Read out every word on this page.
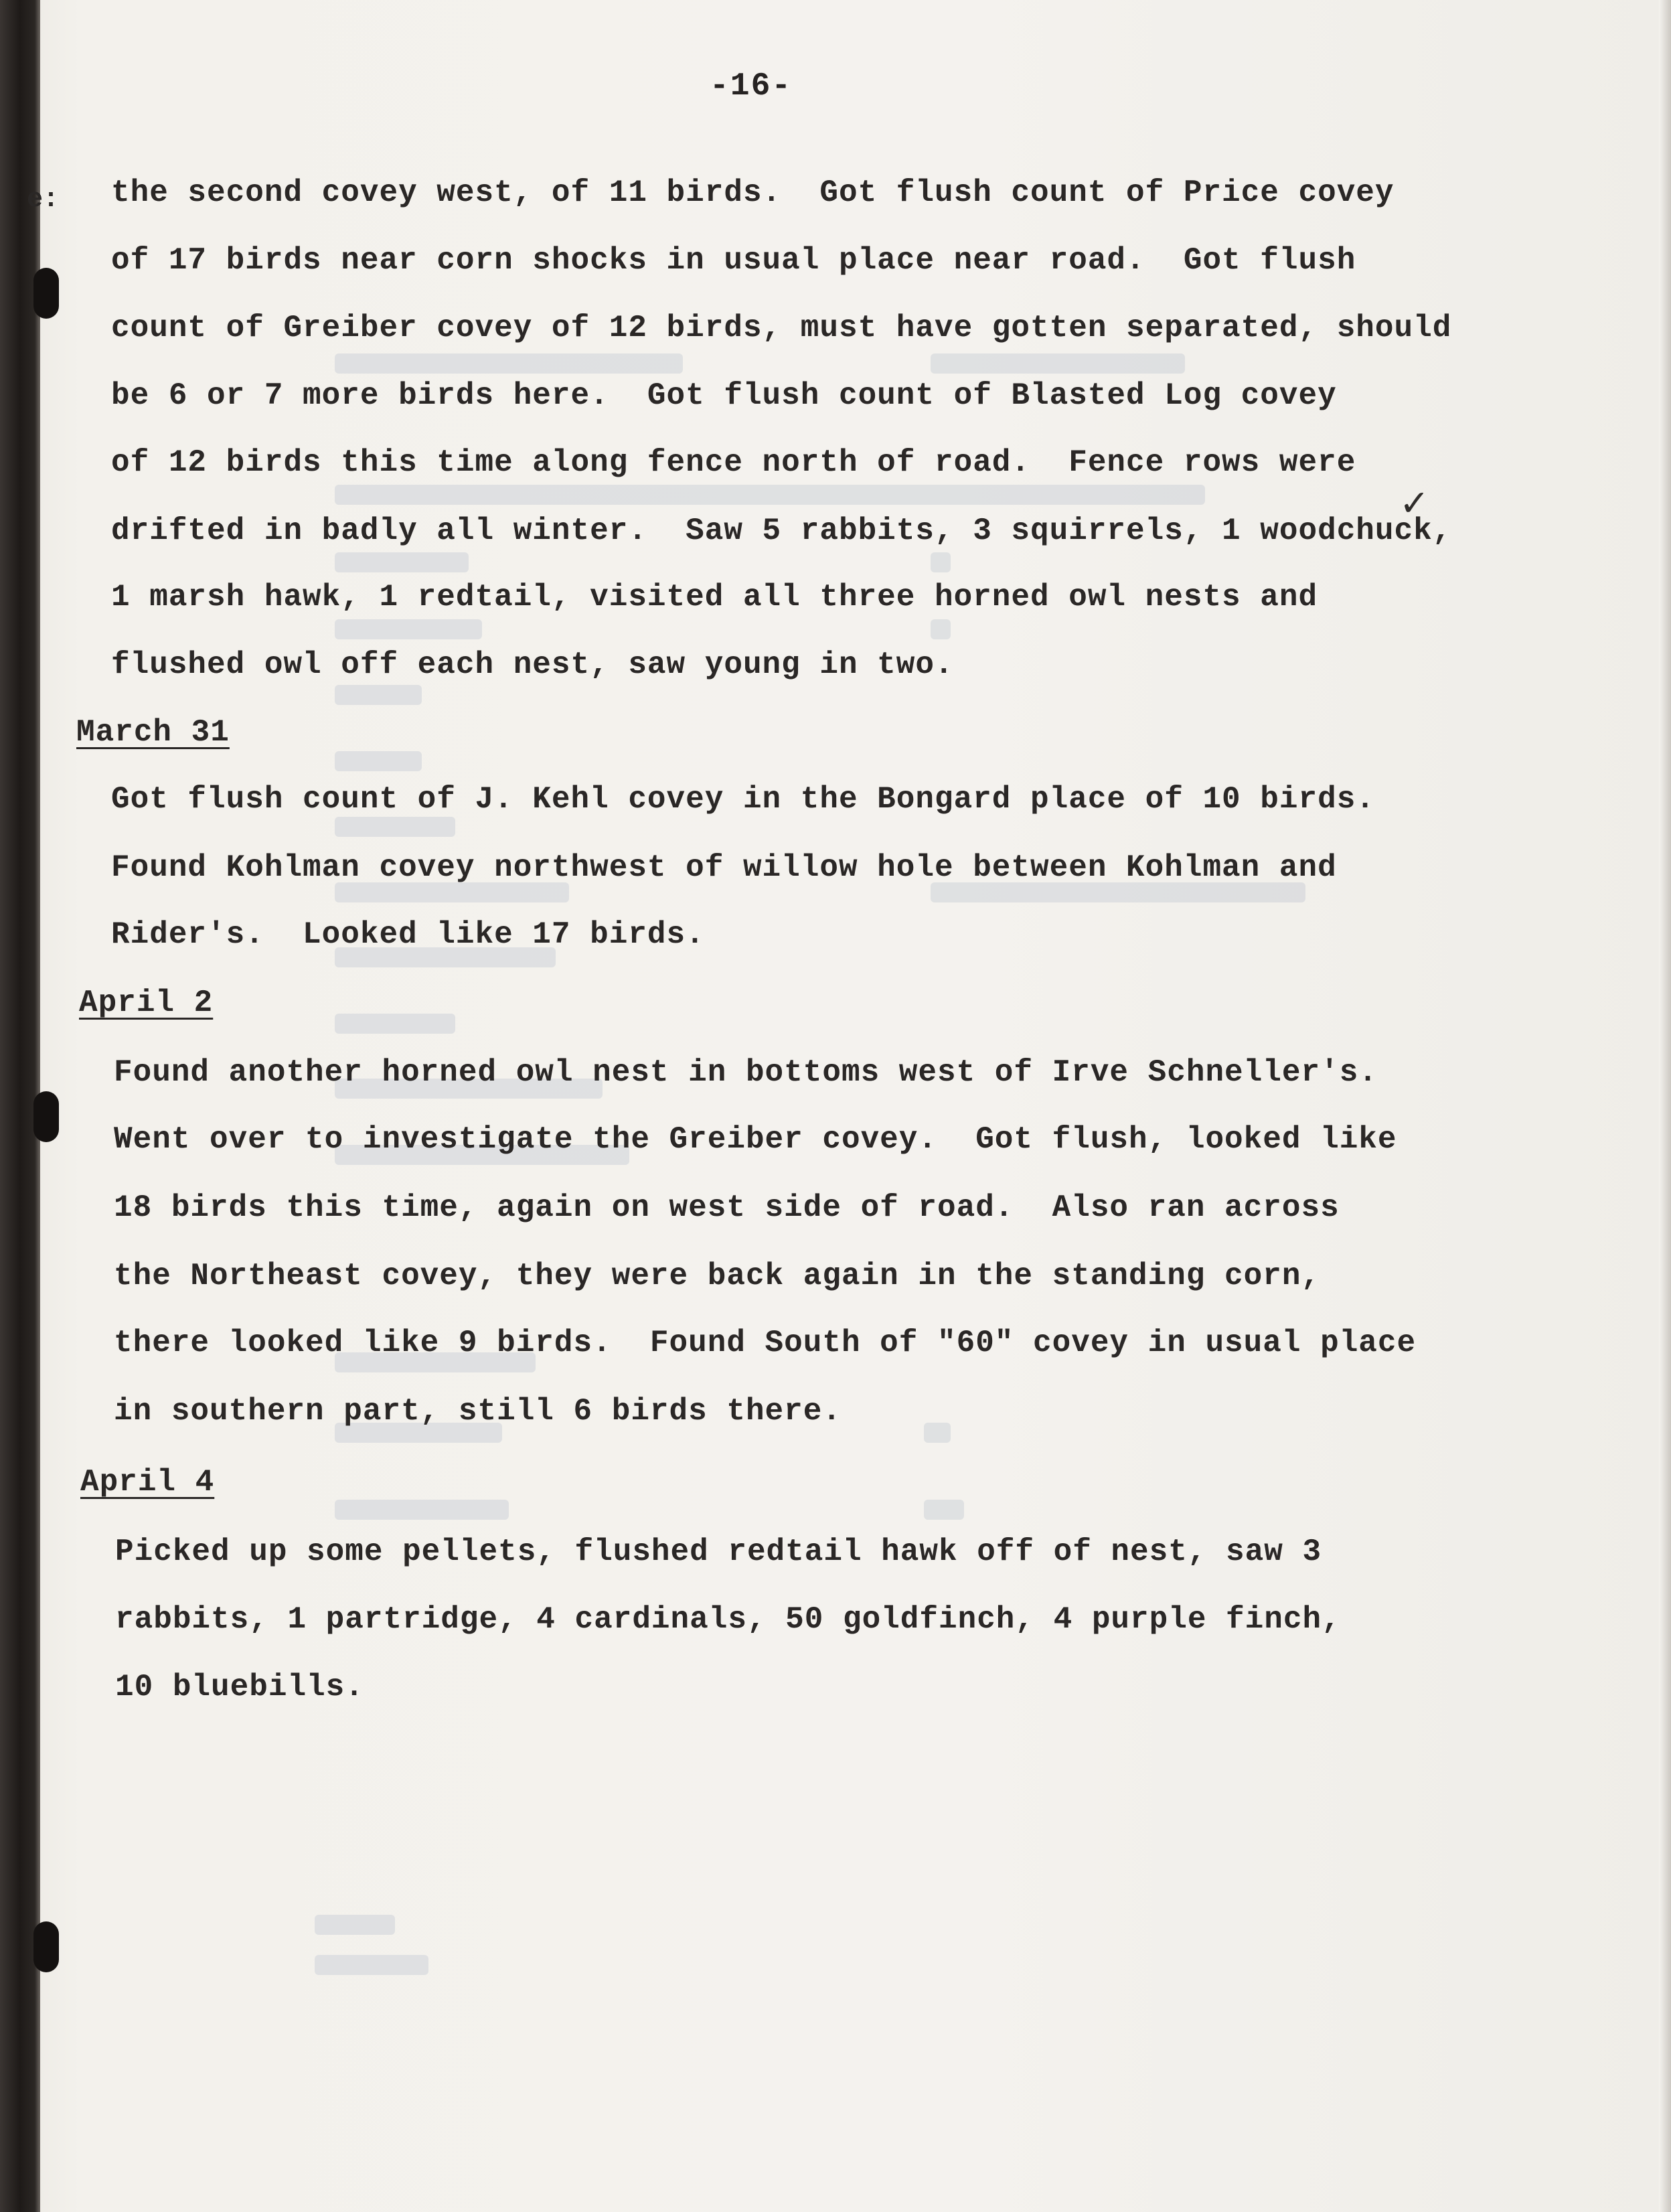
e:
-16-
the second covey west, of 11 birds.  Got flush count of Price covey
of 17 birds near corn shocks in usual place near road.  Got flush
count of Greiber covey of 12 birds, must have gotten separated, should
be 6 or 7 more birds here.  Got flush count of Blasted Log covey
of 12 birds this time along fence north of road.  Fence rows were
drifted in badly all winter.  Saw 5 rabbits, 3 squirrels, 1 woodchuck,
1 marsh hawk, 1 redtail, visited all three horned owl nests and
flushed owl off each nest, saw young in two.
✓
March 31
Got flush count of J. Kehl covey in the Bongard place of 10 birds.
Found Kohlman covey northwest of willow hole between Kohlman and
Rider's.  Looked like 17 birds.
April 2
Found another horned owl nest in bottoms west of Irve Schneller's.
Went over to investigate the Greiber covey.  Got flush, looked like
18 birds this time, again on west side of road.  Also ran across
the Northeast covey, they were back again in the standing corn,
there looked like 9 birds.  Found South of "60" covey in usual place
in southern part, still 6 birds there.
April 4
Picked up some pellets, flushed redtail hawk off of nest, saw 3
rabbits, 1 partridge, 4 cardinals, 50 goldfinch, 4 purple finch,
10 bluebills.
